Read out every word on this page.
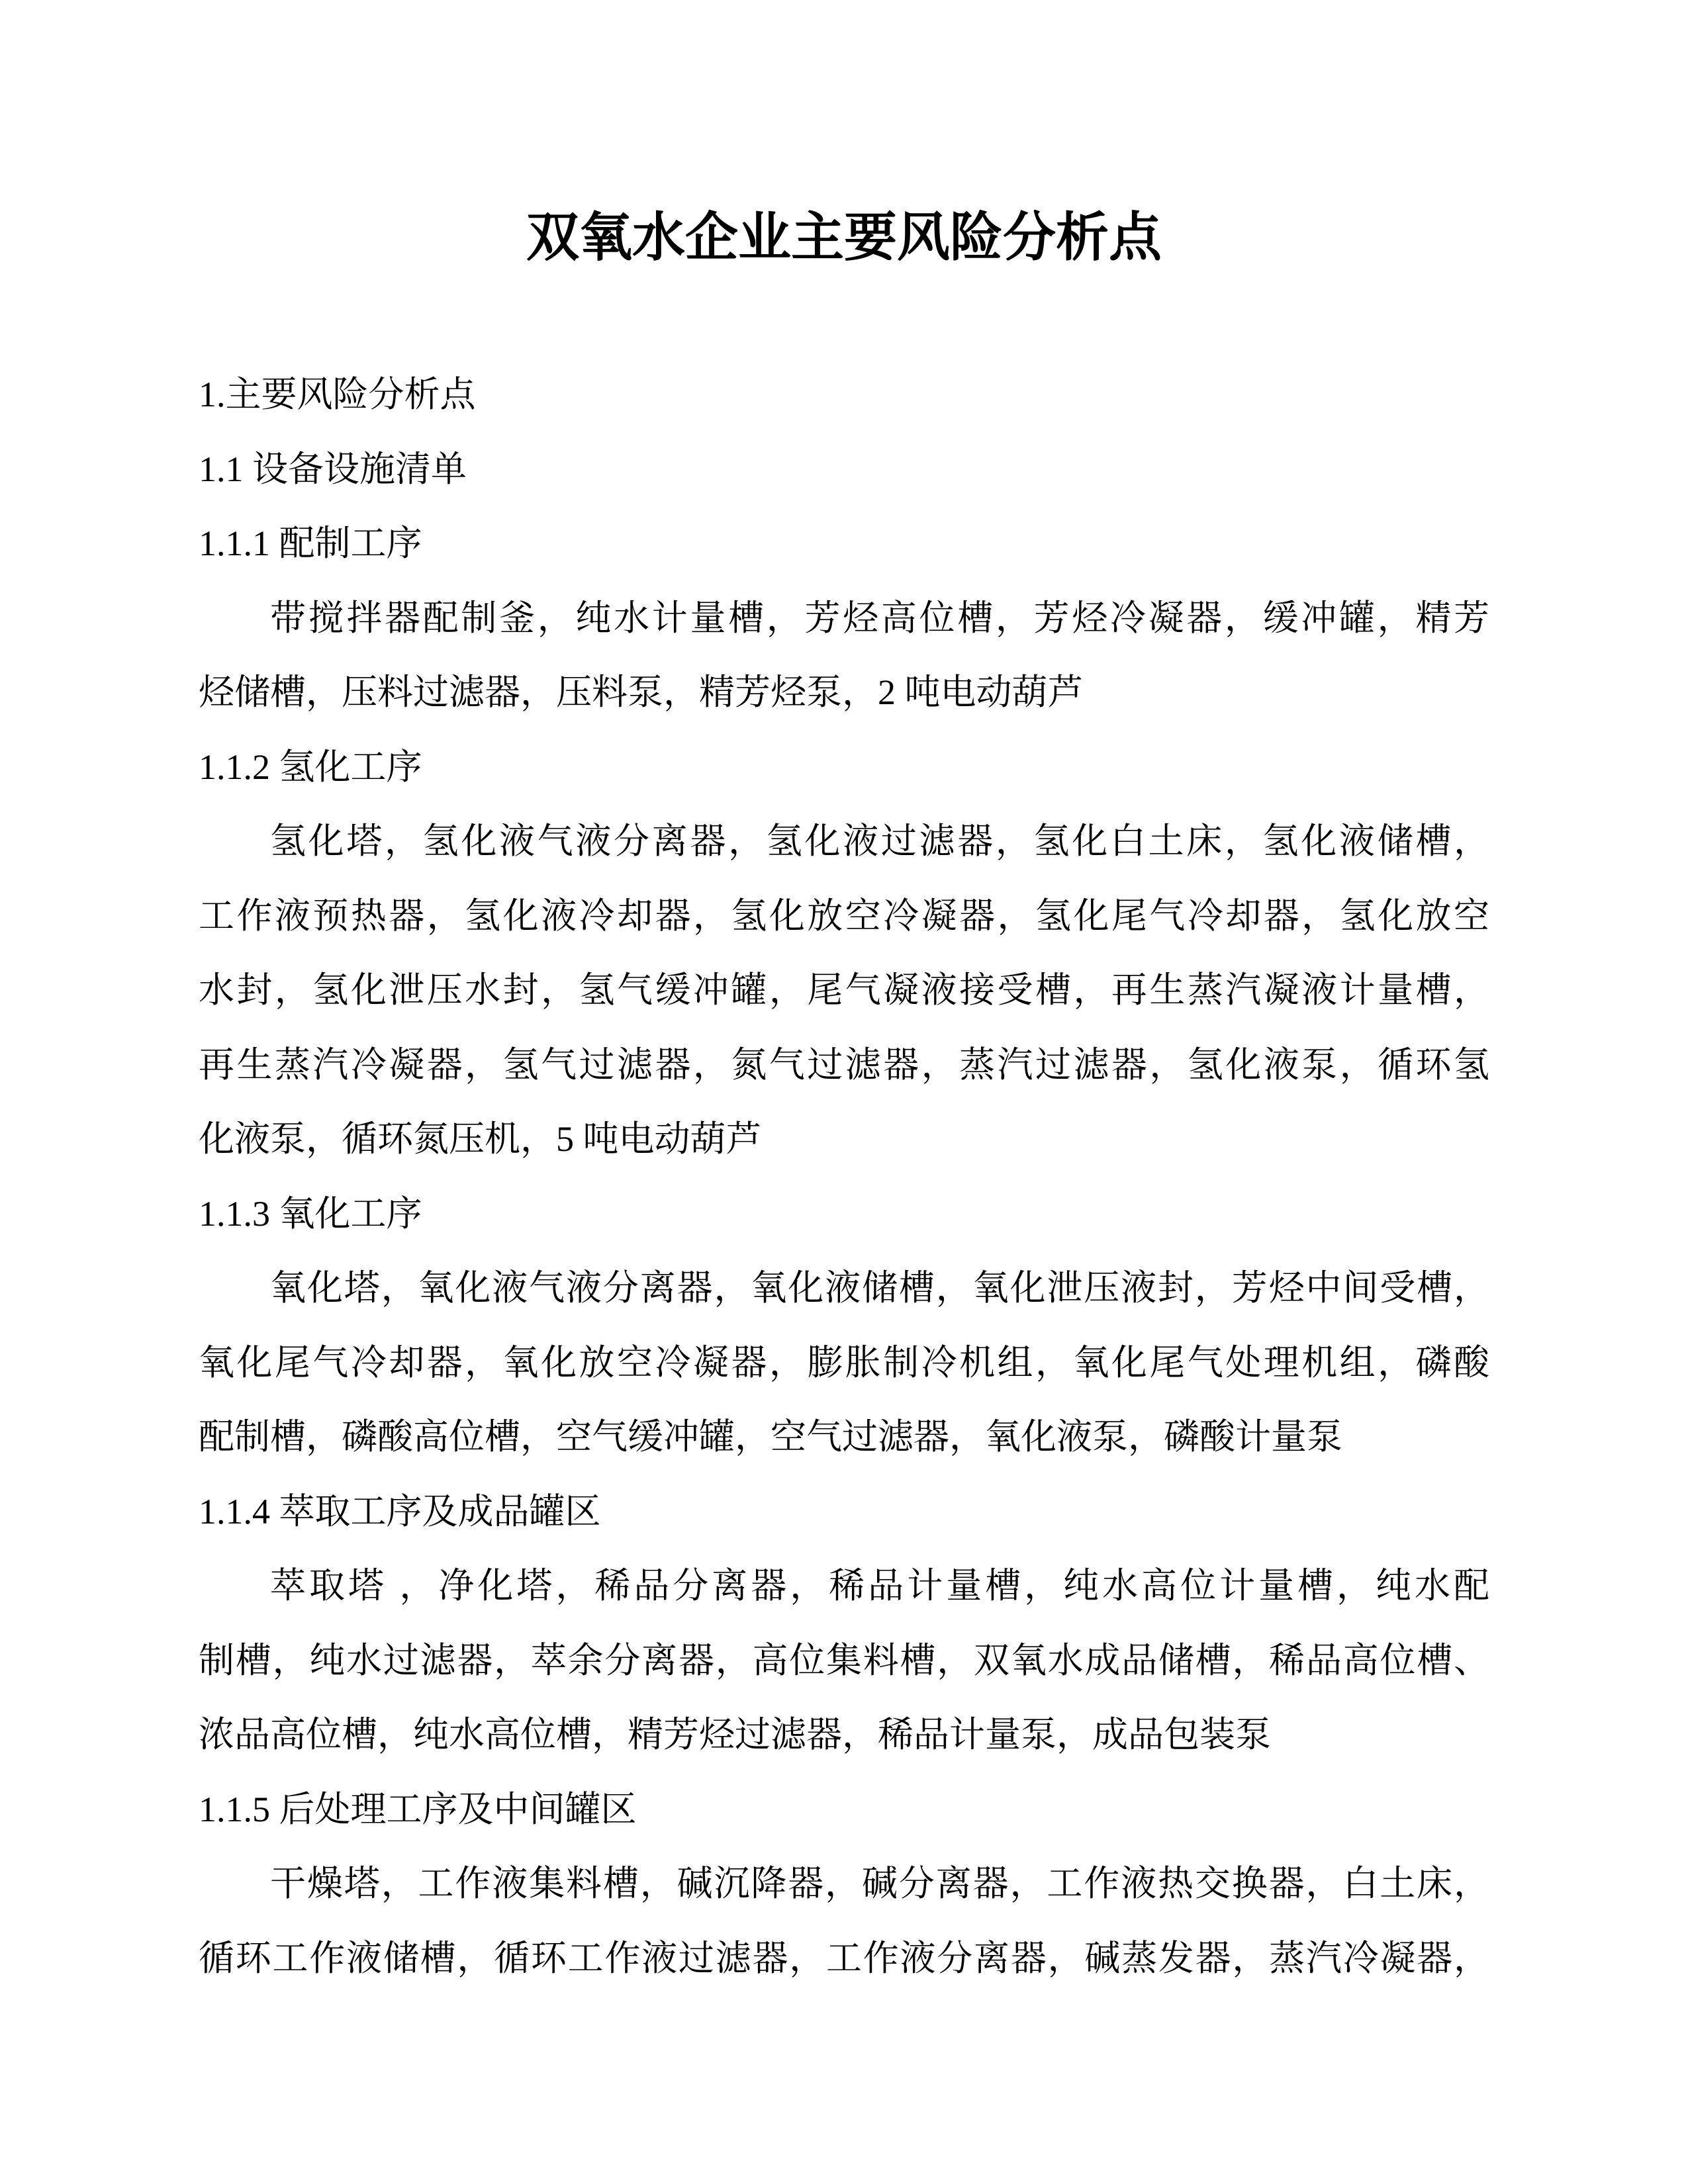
双氧水企业主要风险分析点
1.主要风险分析点
1.1 设备设施清单
1.1.1 配制工序
带搅拌器配制釜，纯水计量槽，芳烃高位槽，芳烃冷凝器，缓冲罐，精芳
烃储槽，压料过滤器，压料泵，精芳烃泵，2 吨电动葫芦
1.1.2 氢化工序
氢化塔，氢化液气液分离器，氢化液过滤器，氢化白土床，氢化液储槽，
工作液预热器，氢化液冷却器，氢化放空冷凝器，氢化尾气冷却器，氢化放空
水封，氢化泄压水封，氢气缓冲罐，尾气凝液接受槽，再生蒸汽凝液计量槽，
再生蒸汽冷凝器，氢气过滤器，氮气过滤器，蒸汽过滤器，氢化液泵，循环氢
化液泵，循环氮压机，5 吨电动葫芦
1.1.3 氧化工序
氧化塔，氧化液气液分离器，氧化液储槽，氧化泄压液封，芳烃中间受槽，
氧化尾气冷却器，氧化放空冷凝器，膨胀制冷机组，氧化尾气处理机组，磷酸
配制槽，磷酸高位槽，空气缓冲罐，空气过滤器，氧化液泵，磷酸计量泵
1.1.4 萃取工序及成品罐区
萃取塔 ，净化塔，稀品分离器，稀品计量槽，纯水高位计量槽，纯水配
制槽，纯水过滤器，萃余分离器，高位集料槽，双氧水成品储槽，稀品高位槽、
浓品高位槽，纯水高位槽，精芳烃过滤器，稀品计量泵，成品包装泵
1.1.5 后处理工序及中间罐区
干燥塔，工作液集料槽，碱沉降器，碱分离器，工作液热交换器，白土床，
循环工作液储槽，循环工作液过滤器，工作液分离器，碱蒸发器，蒸汽冷凝器，
